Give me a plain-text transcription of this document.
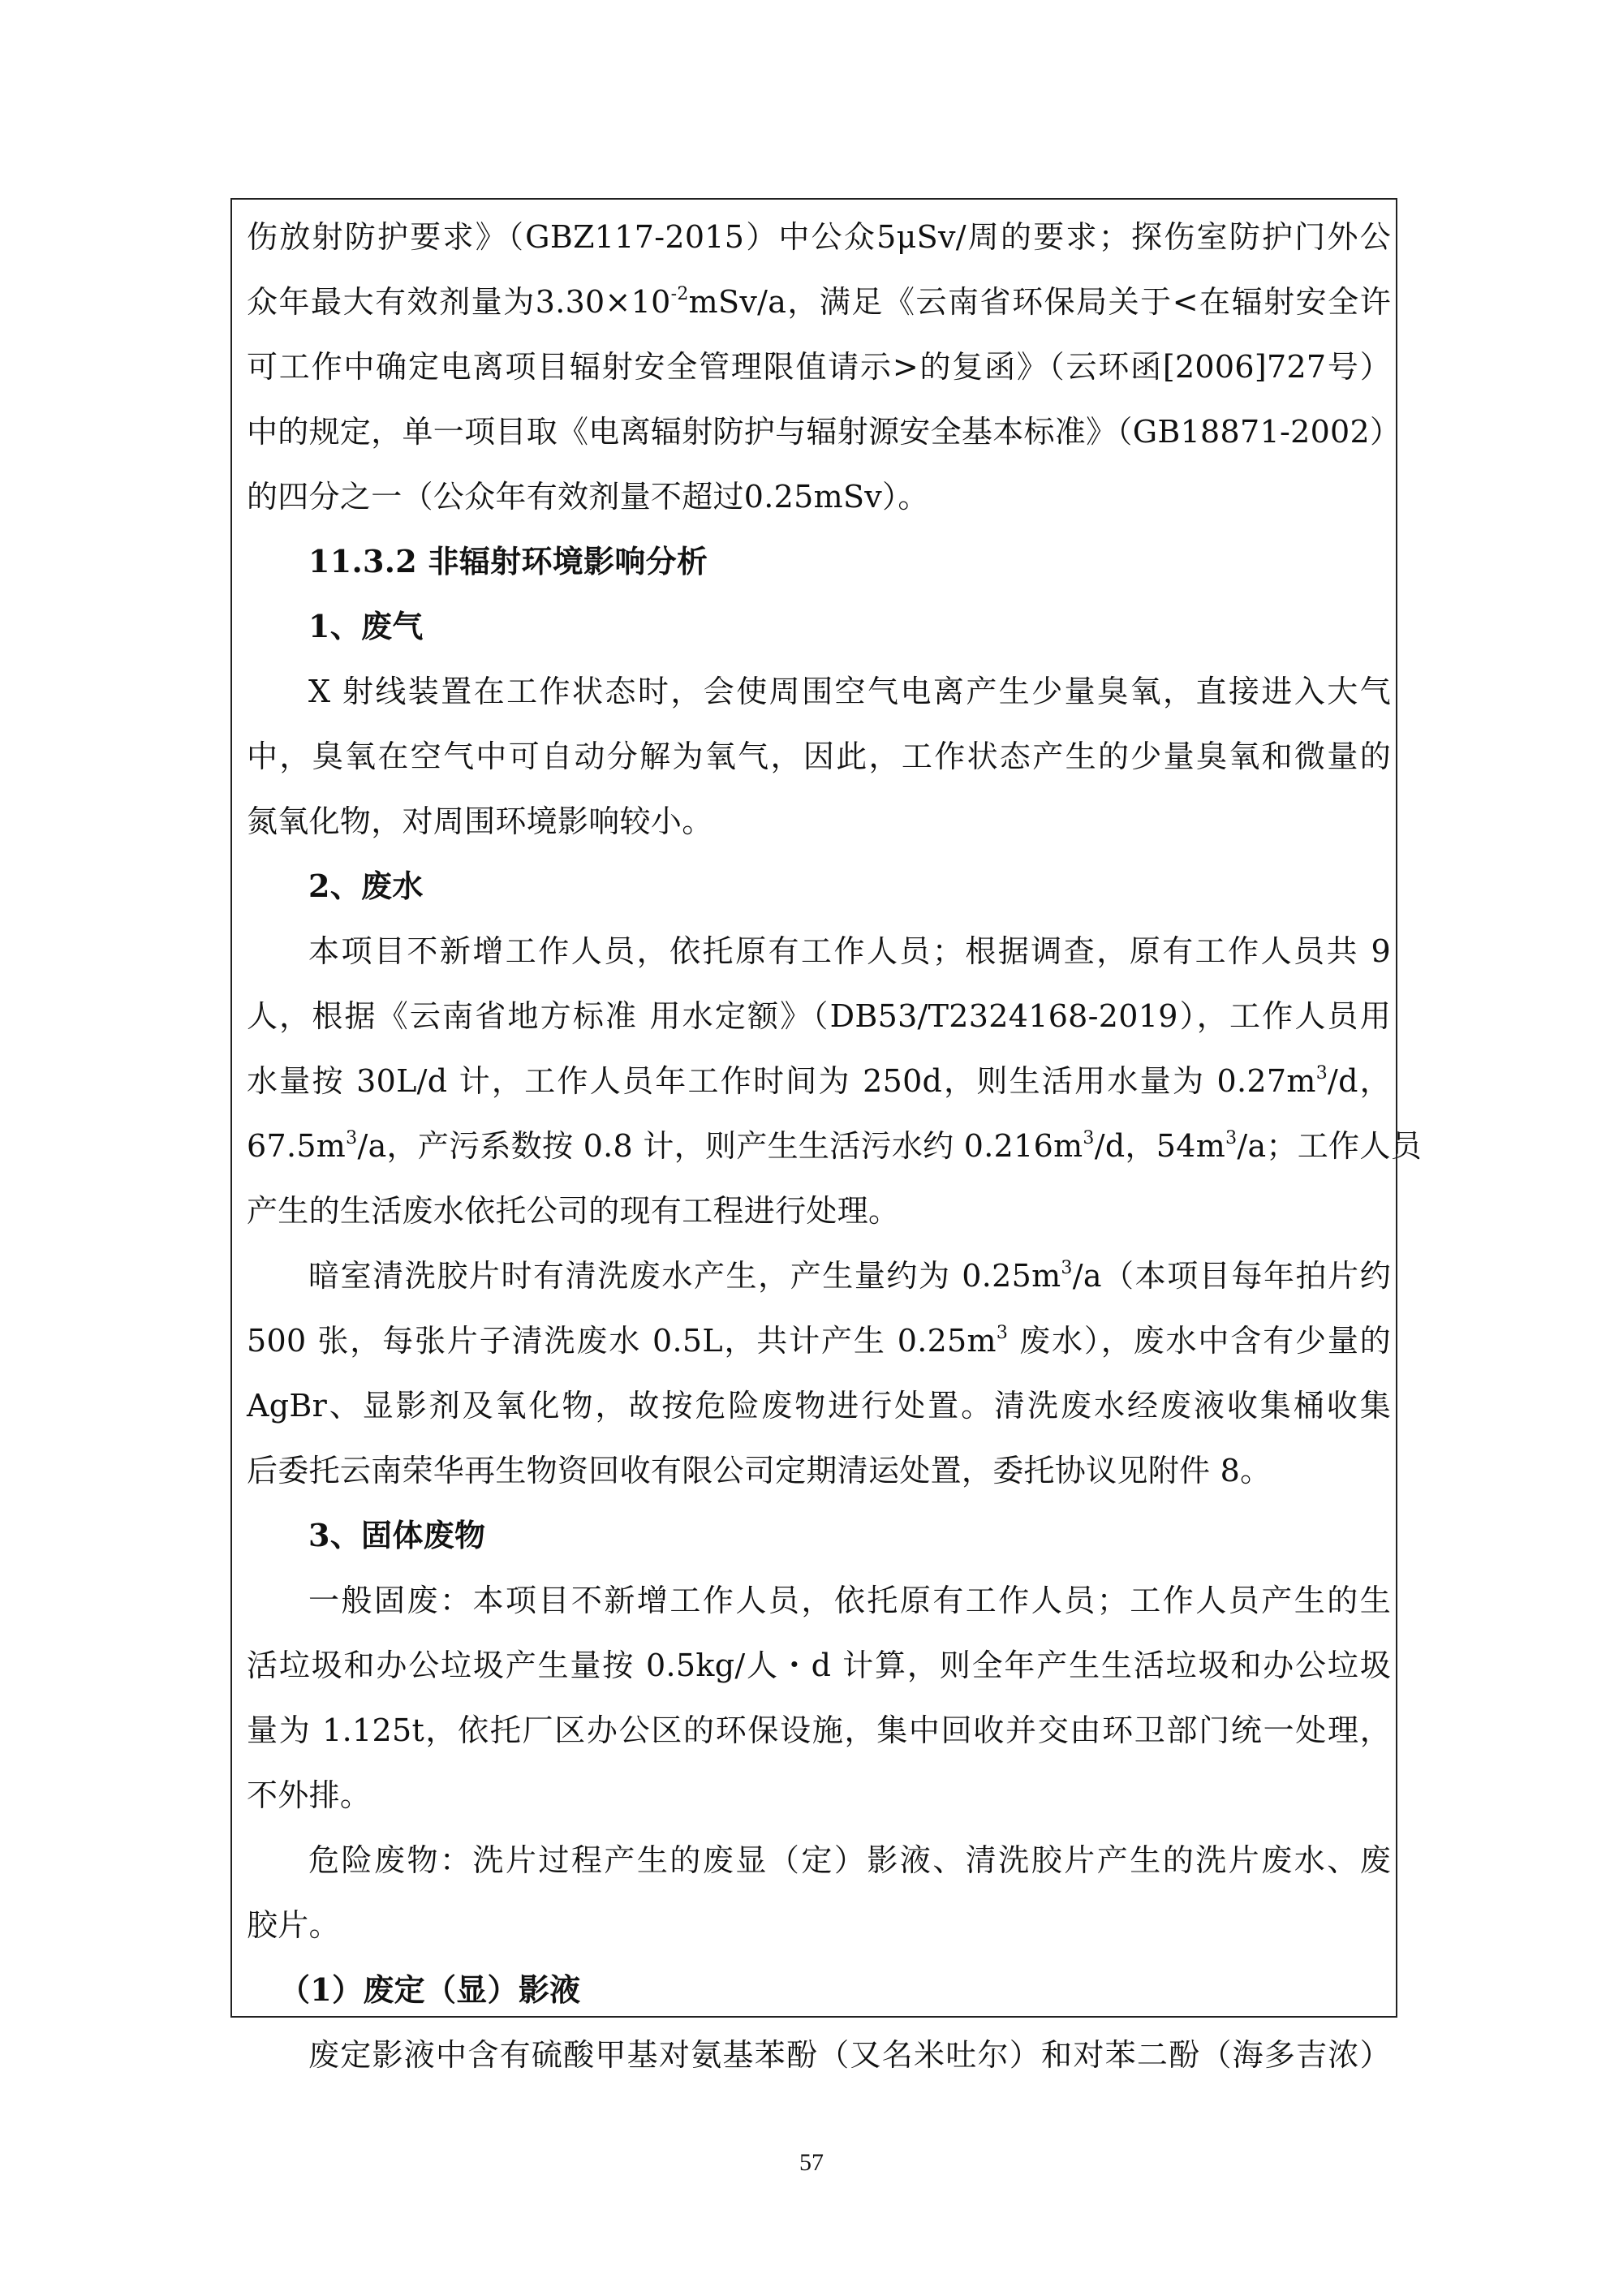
伤放射防护要求》（GBZ117-2015）中公众5μSv/周的要求；探伤室防护门外公
众年最大有效剂量为$3.30\times 10^{-2}mSv/a$，满足《云南省环保局关于<在辐射安全许
可工作中确定电离项目辐射安全管理限值请示>的复函》（云环函[2006]727号）
中的规定，单一项目取《电离辐射防护与辐射源安全基本标准》（GB18871-2002）
的四分之一（公众年有效剂量不超过0.25mSv）。
11.3.2 非辐射环境影响分析
1、废气
X 射线装置在工作状态时，会使周围空气电离产生少量臭氧，直接进入大气
中，臭氧在空气中可自动分解为氧气，因此，工作状态产生的少量臭氧和微量的
氮氧化物，对周围环境影响较小。
2、废水
本项目不新增工作人员，依托原有工作人员；根据调查，原有工作人员共 9
人，根据《云南省地方标准 用水定额》（DB53/T2324168-2019），工作人员用
水量按 30L/d 计，工作人员年工作时间为 250d，则生活用水量为 $0.27m^3/d$，
$67.5m^3/a$，产污系数按 0.8 计，则产生生活污水约 $0.216m^3/d$，$54m^3/a$；工作人员
产生的生活废水依托公司的现有工程进行处理。
暗室清洗胶片时有清洗废水产生，产生量约为 $0.25m^3/a$（本项目每年拍片约
500 张，每张片子清洗废水 0.5L，共计产生 $0.25m^3$ 废水），废水中含有少量的
AgBr、显影剂及氧化物，故按危险废物进行处置。清洗废水经废液收集桶收集
后委托云南荣华再生物资回收有限公司定期清运处置，委托协议见附件 8。
3、固体废物
一般固废：本项目不新增工作人员，依托原有工作人员；工作人员产生的生
活垃圾和办公垃圾产生量按 0.5kg/人・d 计算，则全年产生生活垃圾和办公垃圾
量为 1.125t，依托厂区办公区的环保设施，集中回收并交由环卫部门统一处理，
不外排。
危险废物：洗片过程产生的废显（定）影液、清洗胶片产生的洗片废水、废
胶片。
（1）废定（显）影液
废定影液中含有硫酸甲基对氨基苯酚（又名米吐尔）和对苯二酚（海多吉浓）
57
